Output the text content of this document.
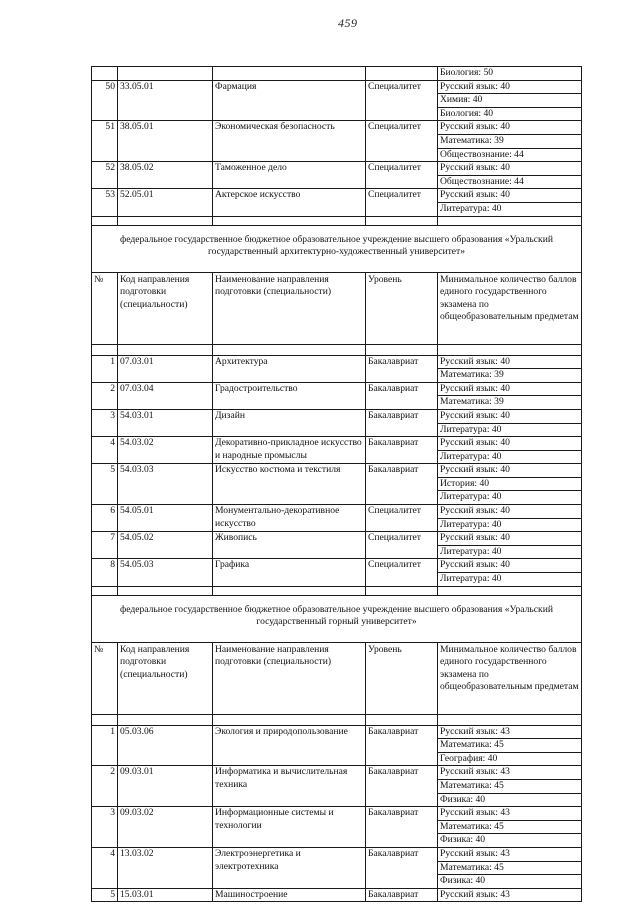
459
				Биология: 50
50	33.05.01	Фармация	Специалитет	Русский язык: 40
				Химия: 40
				Биология: 40
51	38.05.01	Экономическая безопасность	Специалитет	Русский язык: 40
				Математика: 39
				Обществознание: 44
52	38.05.02	Таможенное дело	Специалитет	Русский язык: 40
				Обществознание: 44
53	52.05.01	Актерское искусство	Специалитет	Русский язык: 40
				Литература: 40

федеральное государственное бюджетное образовательное учреждение высшего образования «Уральский государственный архитектурно-художественный университет»				
№	Код направления подготовки (специальности)	Наименование направления подготовки (специальности)	Уровень	Минимальное количество баллов единого государственного экзамена по общеобразовательным предметам

1	07.03.01	Архитектура	Бакалавриат	Русский язык: 40
				Математика: 39
2	07.03.04	Градостроительство	Бакалавриат	Русский язык: 40
				Математика: 39
3	54.03.01	Дизайн	Бакалавриат	Русский язык: 40
				Литература: 40
4	54.03.02	Декоративно-прикладное искусство и народные промыслы	Бакалавриат	Русский язык: 40
				Литература: 40
5	54.03.03	Искусство костюма и текстиля	Бакалавриат	Русский язык: 40
				История: 40
				Литература: 40
6	54.05.01	Монументально-декоративное искусство	Специалитет	Русский язык: 40
				Литература: 40
7	54.05.02	Живопись	Специалитет	Русский язык: 40
				Литература: 40
8	54.05.03	Графика	Специалитет	Русский язык: 40
				Литература: 40

федеральное государственное бюджетное образовательное учреждение высшего образования «Уральский государственный горный университет»				
№	Код направления подготовки (специальности)	Наименование направления подготовки (специальности)	Уровень	Минимальное количество баллов единого государственного экзамена по общеобразовательным предметам

1	05.03.06	Экология и природопользование	Бакалавриат	Русский язык: 43
				Математика: 45
				География: 40
2	09.03.01	Информатика и вычислительная техника	Бакалавриат	Русский язык: 43
				Математика: 45
				Физика: 40
3	09.03.02	Информационные системы и технологии	Бакалавриат	Русский язык: 43
				Математика: 45
				Физика: 40
4	13.03.02	Электроэнергетика и электротехника	Бакалавриат	Русский язык: 43
				Математика: 45
				Физика: 40
5	15.03.01	Машиностроение	Бакалавриат	Русский язык: 43
